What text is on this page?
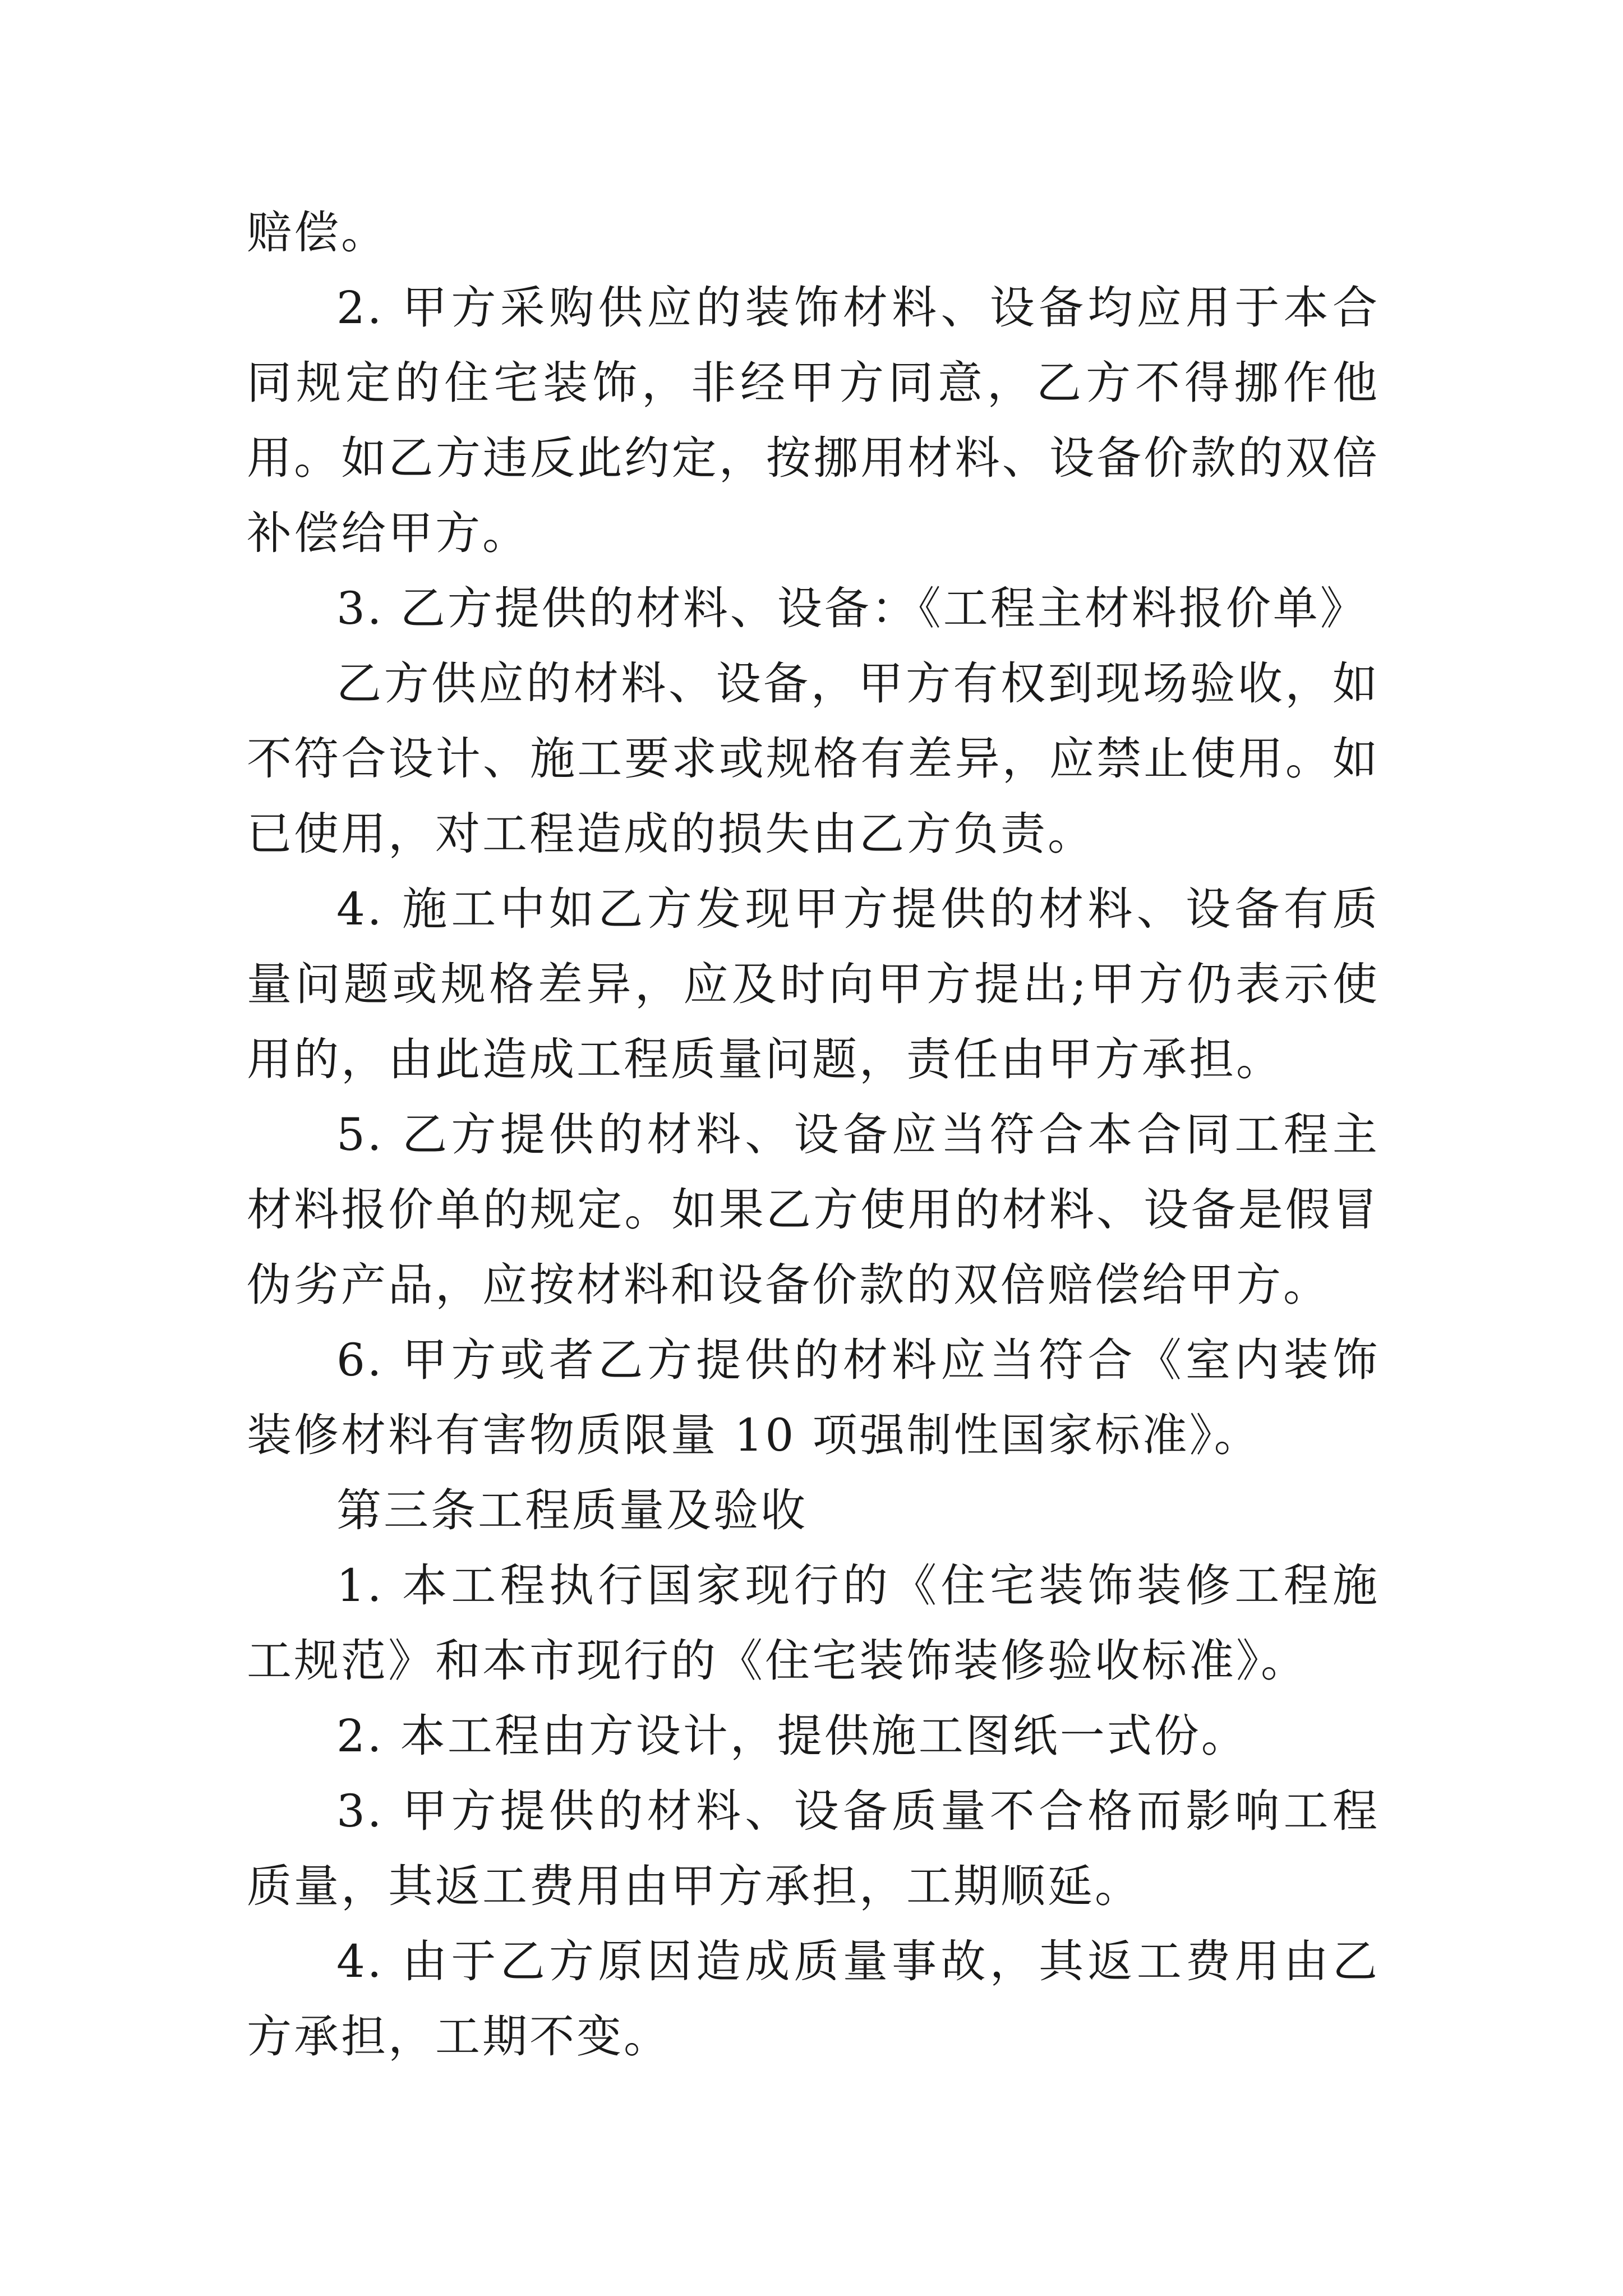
赔偿。

2. 甲方采购供应的装饰材料、设备均应用于本合同规定的住宅装饰，非经甲方同意，乙方不得挪作他用。如乙方违反此约定，按挪用材料、设备价款的双倍补偿给甲方。

3. 乙方提供的材料、设备：《工程主材料报价单》

乙方供应的材料、设备，甲方有权到现场验收，如不符合设计、施工要求或规格有差异，应禁止使用。如已使用，对工程造成的损失由乙方负责。

4. 施工中如乙方发现甲方提供的材料、设备有质量问题或规格差异，应及时向甲方提出;甲方仍表示使用的，由此造成工程质量问题，责任由甲方承担。

5. 乙方提供的材料、设备应当符合本合同工程主材料报价单的规定。如果乙方使用的材料、设备是假冒伪劣产品，应按材料和设备价款的双倍赔偿给甲方。

6. 甲方或者乙方提供的材料应当符合《室内装饰装修材料有害物质限量 10 项强制性国家标准》。

第三条工程质量及验收

1. 本工程执行国家现行的《住宅装饰装修工程施工规范》和本市现行的《住宅装饰装修验收标准》。

2. 本工程由方设计，提供施工图纸一式份。

3. 甲方提供的材料、设备质量不合格而影响工程质量，其返工费用由甲方承担，工期顺延。

4. 由于乙方原因造成质量事故，其返工费用由乙方承担，工期不变。
